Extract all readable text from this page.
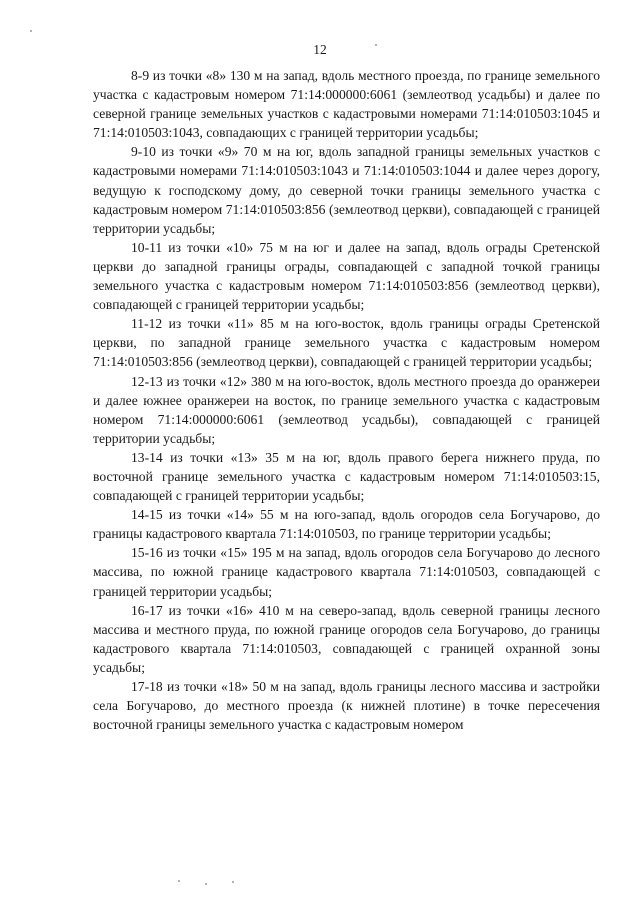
12

8-9 из точки «8» 130 м на запад, вдоль местного проезда, по границе земельного участка с кадастровым номером 71:14:000000:6061 (землеотвод усадьбы) и далее по северной границе земельных участков с кадастровыми номерами 71:14:010503:1045 и 71:14:010503:1043, совпадающих с границей территории усадьбы;

9-10 из точки «9» 70 м на юг, вдоль западной границы земельных участков с кадастровыми номерами 71:14:010503:1043 и 71:14:010503:1044 и далее через дорогу, ведущую к господскому дому, до северной точки границы земельного участка с кадастровым номером 71:14:010503:856 (землеотвод церкви), совпадающей с границей территории усадьбы;

10-11 из точки «10» 75 м на юг и далее на запад, вдоль ограды Сретенской церкви до западной границы ограды, совпадающей с западной точкой границы земельного участка с кадастровым номером 71:14:010503:856 (землеотвод церкви), совпадающей с границей территории усадьбы;

11-12 из точки «11» 85 м на юго-восток, вдоль границы ограды Сретенской церкви, по западной границе земельного участка с кадастровым номером 71:14:010503:856 (землеотвод церкви), совпадающей с границей территории усадьбы;

12-13 из точки «12» 380 м на юго-восток, вдоль местного проезда до оранжереи и далее южнее оранжереи на восток, по границе земельного участка с кадастровым номером 71:14:000000:6061 (землеотвод усадьбы), совпадающей с границей территории усадьбы;

13-14 из точки «13» 35 м на юг, вдоль правого берега нижнего пруда, по восточной границе земельного участка с кадастровым номером 71:14:010503:15, совпадающей с границей территории усадьбы;

14-15 из точки «14» 55 м на юго-запад, вдоль огородов села Богучарово, до границы кадастрового квартала 71:14:010503, по границе территории усадьбы;

15-16 из точки «15» 195 м на запад, вдоль огородов села Богучарово до лесного массива, по южной границе кадастрового квартала 71:14:010503, совпадающей с границей территории усадьбы;

16-17 из точки «16» 410 м на северо-запад, вдоль северной границы лесного массива и местного пруда, по южной границе огородов села Богучарово, до границы кадастрового квартала 71:14:010503, совпадающей с границей охранной зоны усадьбы;

17-18 из точки «18» 50 м на запад, вдоль границы лесного массива и застройки села Богучарово, до местного проезда (к нижней плотине) в точке пересечения восточной границы земельного участка с кадастровым номером
